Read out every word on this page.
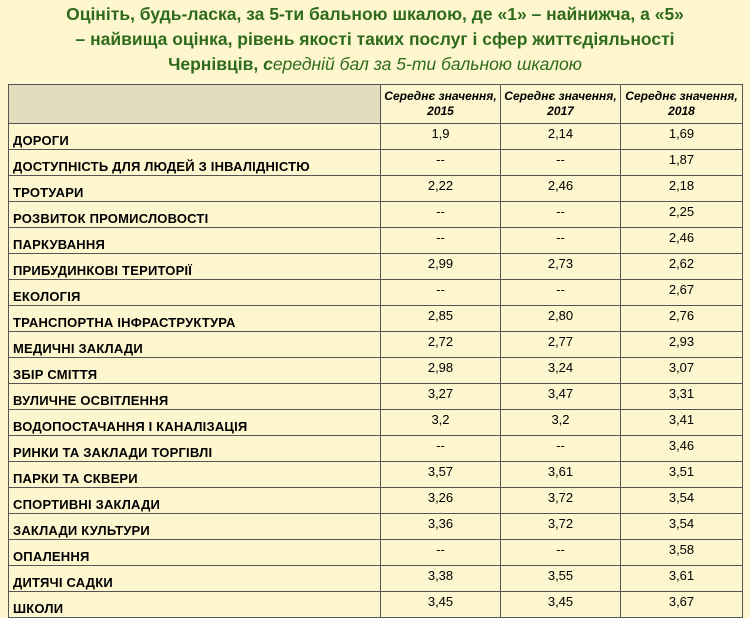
Оцініть, будь-ласка, за 5-ти бальною шкалою, де «1» – найнижча, а «5»
– найвища оцінка, рівень якості таких послуг і сфер життєдіяльності
Чернівців, середній бал за 5-ти бальною шкалою
	Середнє значення, 2015	Середнє значення, 2017	Середнє значення, 2018
ДОРОГИ	1,9	2,14	1,69
ДОСТУПНІСТЬ ДЛЯ ЛЮДЕЙ З ІНВАЛІДНІСТЮ	--	--	1,87
ТРОТУАРИ	2,22	2,46	2,18
РОЗВИТОК ПРОМИСЛОВОСТІ	--	--	2,25
ПАРКУВАННЯ	--	--	2,46
ПРИБУДИНКОВІ ТЕРИТОРІЇ	2,99	2,73	2,62
ЕКОЛОГІЯ	--	--	2,67
ТРАНСПОРТНА ІНФРАСТРУКТУРА	2,85	2,80	2,76
МЕДИЧНІ ЗАКЛАДИ	2,72	2,77	2,93
ЗБІР СМІТТЯ	2,98	3,24	3,07
ВУЛИЧНЕ ОСВІТЛЕННЯ	3,27	3,47	3,31
ВОДОПОСТАЧАННЯ І КАНАЛІЗАЦІЯ	3,2	3,2	3,41
РИНКИ ТА ЗАКЛАДИ ТОРГІВЛІ	--	--	3,46
ПАРКИ ТА СКВЕРИ	3,57	3,61	3,51
СПОРТИВНІ ЗАКЛАДИ	3,26	3,72	3,54
ЗАКЛАДИ КУЛЬТУРИ	3,36	3,72	3,54
ОПАЛЕННЯ	--	--	3,58
ДИТЯЧІ САДКИ	3,38	3,55	3,61
ШКОЛИ	3,45	3,45	3,67
